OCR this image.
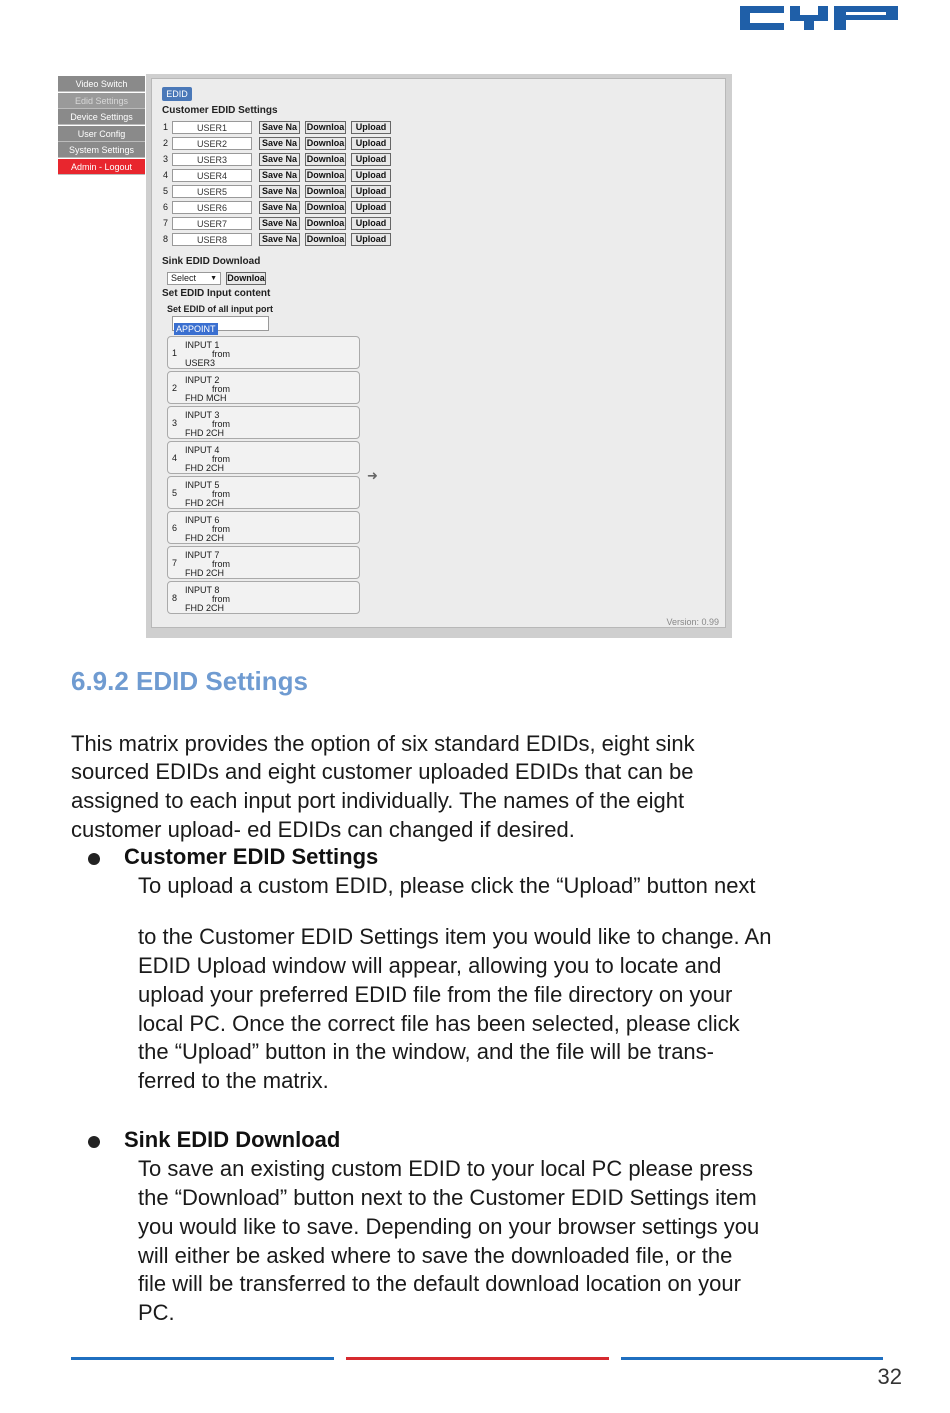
Video Switch
Edid Settings
Device Settings
User Config
System Settings
Admin - Logout
EDID
Customer EDID Settings
1	USER1	Save Na	Downloa	Upload
2	USER2	Save Na	Downloa	Upload
3	USER3	Save Na	Downloa	Upload
4	USER4	Save Na	Downloa	Upload
5	USER5	Save Na	Downloa	Upload
6	USER6	Save Na	Downloa	Upload
7	USER7	Save Na	Downloa	Upload
8	USER8	Save Na	Downloa	Upload
Sink EDID Download
Select ▼ Downloa
Set EDID Input content
Set EDID of all input port
APPOINT
1
INPUT 1
from
USER3
2
INPUT 2
from
FHD MCH
3
INPUT 3
from
FHD 2CH
4
INPUT 4
from
FHD 2CH
5
INPUT 5
from
FHD 2CH
6
INPUT 6
from
FHD 2CH
7
INPUT 7
from
FHD 2CH
8
INPUT 8
from
FHD 2CH
➜
Version: 0.99
6.9.2 EDID Settings
This matrix provides the option of six standard EDIDs, eight sink
sourced EDIDs and eight customer uploaded EDIDs that can be
assigned to each input port individually. The names of the eight
customer upload- ed EDIDs can changed if desired.
Customer EDID Settings
To upload a custom EDID, please click the “Upload” button next
to the Customer EDID Settings item you would like to change. An
EDID Upload window will appear, allowing you to locate and
upload your preferred EDID file from the file directory on your
local PC. Once the correct file has been selected, please click
the “Upload” button in the window, and the file will be trans-
ferred to the matrix.
Sink EDID Download
To save an existing custom EDID to your local PC please press
the “Download” button next to the Customer EDID Settings item
you would like to save. Depending on your browser settings you
will either be asked where to save the downloaded file, or the
file will be transferred to the default download location on your
PC.
32
